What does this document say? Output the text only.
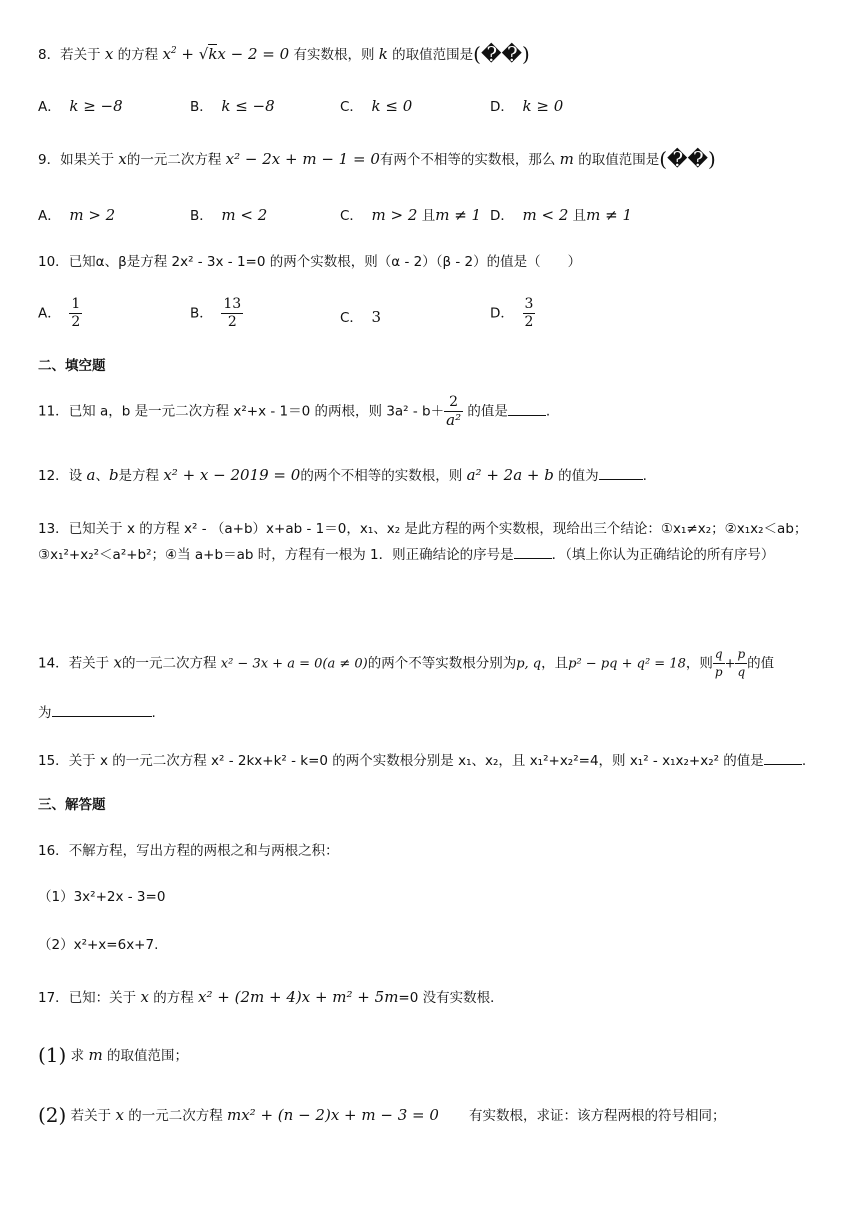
8．若关于 x 的方程 $x^2 + √kx - 2 = 0$ 有实数根，则 k 的取值范围是(��)
A． k ≥ −8	B． k ≤ −8	C． k ≤ 0	D． k ≥ 0
9．如果关于 x的一元二次方程 x² − 2x + m − 1 = 0有两个不相等的实数根，那么 m 的取值范围是(��)
A． m > 2	B． m < 2	C． m > 2 且m ≠ 1 D． m < 2 且m ≠ 1
10．已知α、β是方程 2x² - 3x - 1=0 的两个实数根，则（α - 2）（β - 2）的值是（　　）
A． $\frac{1}{2}$	B． $\frac{13}{2}$	C． 3	D． $\frac{3}{2}$
二、填空题
11．已知 a，b 是一元二次方程 x²+x - 1＝0 的两根，则 $3a^2 - b+ \frac{2}{\text{a²}}$ 的值是	.
12．设 a、b是方程 x² + x − 2019 = 0的两个不相等的实数根，则 a² + 2a + b 的值为	.
13．已知关于 x 的方程 x² - （a+b）x+ab - 1＝0，x₁、x₂ 是此方程的两个实数根，现给出三个结论：①x₁≠x₂；②x₁x₂＜ab；③x₁²+x₂²＜a²+b²；④当 a+b＝ab 时，方程有一根为 1．则正确结论的序号是	．（填上你认为正确结论的所有序号）
14．若关于 x的一元二次方程 x² − 3x + a = 0(a ≠ 0)的两个不等实数根分别为p, q，且p² − pq + q² = 18，则 $\frac{q}{p} + \frac{p}{q}$ 的值
为	.
15．关于 x 的一元二次方程 x² - 2kx+k² - k=0 的两个实数根分别是 x₁、x₂，且 x₁²+x₂²=4，则 x₁² - x₁x₂+x₂² 的值是	.
三、解答题
16．不解方程，写出方程的两根之和与两根之积：
（1）3x²+2x - 3=0
（2）x²+x=6x+7.
17．已知：关于 x 的方程 x² + (2m + 4)x + m² + 5m=0 没有实数根．
(1) 求 m 的取值范围；
(2) 若关于 x 的一元二次方程 mx² + (n − 2)x + m − 3 = 0 有实数根，求证：该方程两根的符号相同；
